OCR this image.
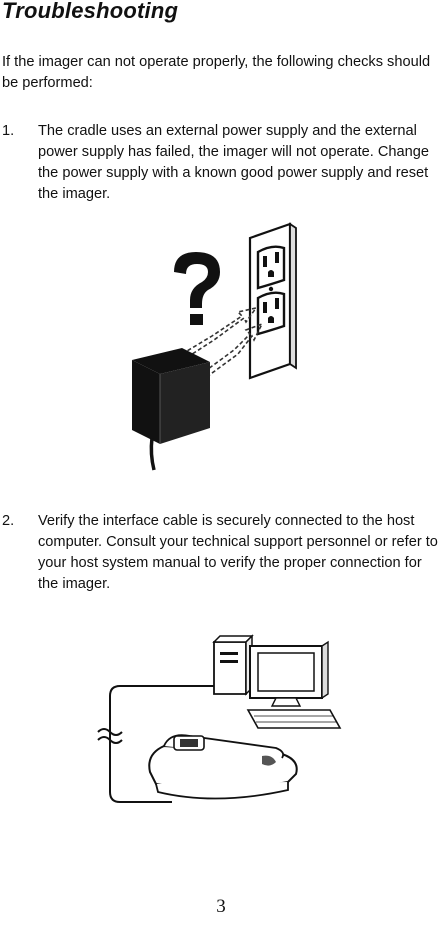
Troubleshooting
If the imager can not operate properly, the following checks should be performed:
1. The cradle uses an external power supply and the external power supply has failed, the imager will not operate. Change the power supply with a known good power supply and reset the imager.
2. Verify the interface cable is securely connected to the host computer. Consult your technical support personnel or refer to your host system manual to verify the proper connection for the imager.
3
